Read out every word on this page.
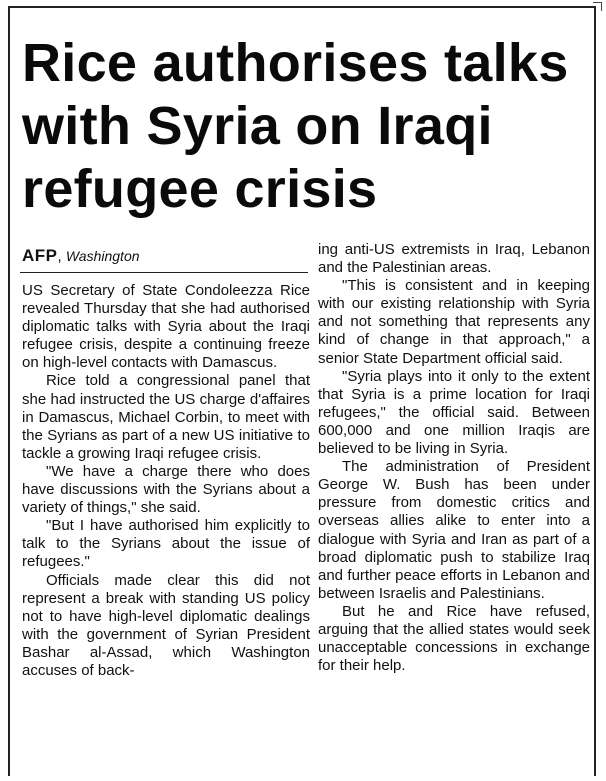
Rice authorises talks with Syria on Iraqi refugee crisis
AFP, Washington

US Secretary of State Condoleezza Rice revealed Thursday that she had authorised diplomatic talks with Syria about the Iraqi refugee crisis, despite a continuing freeze on high-level contacts with Damascus.

Rice told a congressional panel that she had instructed the US charge d'affaires in Damascus, Michael Corbin, to meet with the Syrians as part of a new US initiative to tackle a growing Iraqi refugee crisis.

"We have a charge there who does have discussions with the Syrians about a variety of things," she said.

"But I have authorised him explicitly to talk to the Syrians about the issue of refugees."

Officials made clear this did not represent a break with standing US policy not to have high-level diplomatic dealings with the government of Syrian President Bashar al-Assad, which Washington accuses of back-

ing anti-US extremists in Iraq, Lebanon and the Palestinian areas.

"This is consistent and in keeping with our existing relationship with Syria and not something that represents any kind of change in that approach," a senior State Department official said.

"Syria plays into it only to the extent that Syria is a prime location for Iraqi refugees," the official said. Between 600,000 and one million Iraqis are believed to be living in Syria.

The administration of President George W. Bush has been under pressure from domestic critics and overseas allies alike to enter into a dialogue with Syria and Iran as part of a broad diplomatic push to stabilize Iraq and further peace efforts in Lebanon and between Israelis and Palestinians.

But he and Rice have refused, arguing that the allied states would seek unacceptable concessions in exchange for their help.
